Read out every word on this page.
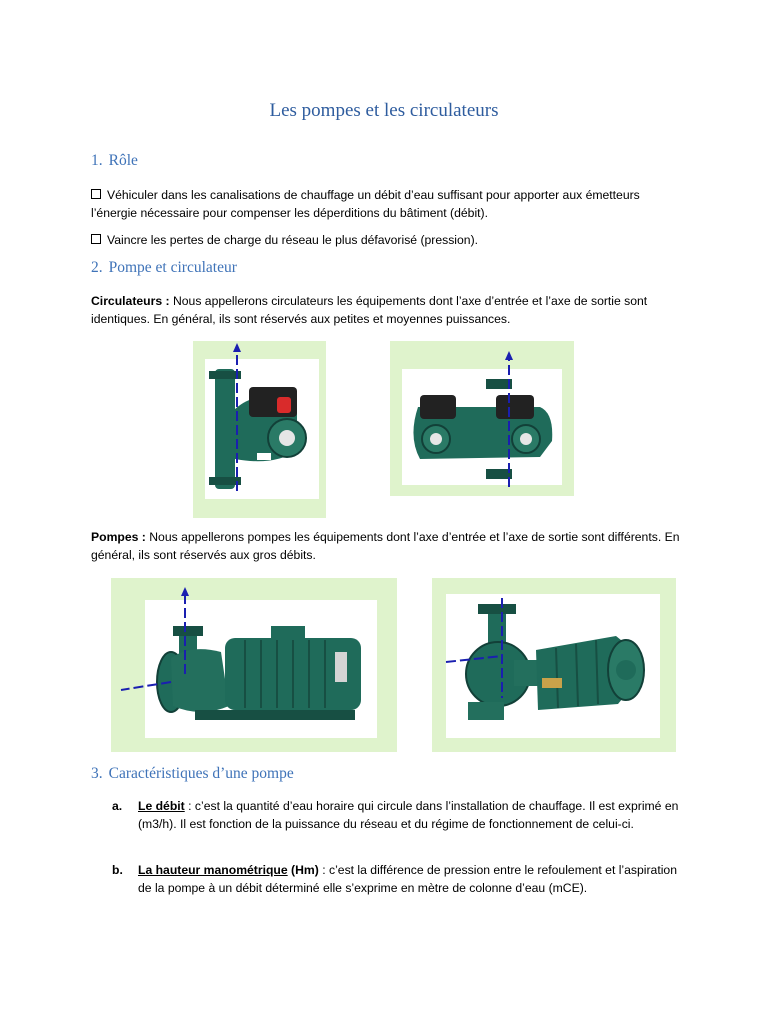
Les pompes et les circulateurs
1. Rôle

Véhiculer dans les canalisations de chauffage un débit d’eau suffisant pour apporter aux émetteurs l’énergie nécessaire pour compenser les déperditions du bâtiment (débit).

Vaincre les pertes de charge du réseau le plus défavorisé (pression).

2. Pompe et circulateur

Circulateurs : Nous appellerons circulateurs les équipements dont l’axe d’entrée et l’axe de sortie sont identiques. En général, ils sont réservés aux petites et moyennes puissances.

Pompes : Nous appellerons pompes les équipements dont l’axe d’entrée et l’axe de sortie sont différents. En général, ils sont réservés aux gros débits.

3. Caractéristiques d’une pompe
a. Le débit : c’est la quantité d’eau horaire qui circule dans l’installation de chauffage. Il est exprimé en (m3/h). Il est fonction de la puissance du réseau et du régime de fonctionnement de celui-ci.
b. La hauteur manométrique (Hm) : c’est la différence de pression entre le refoulement et l’aspiration de la pompe à un débit déterminé elle s’exprime en mètre de colonne d’eau (mCE).
